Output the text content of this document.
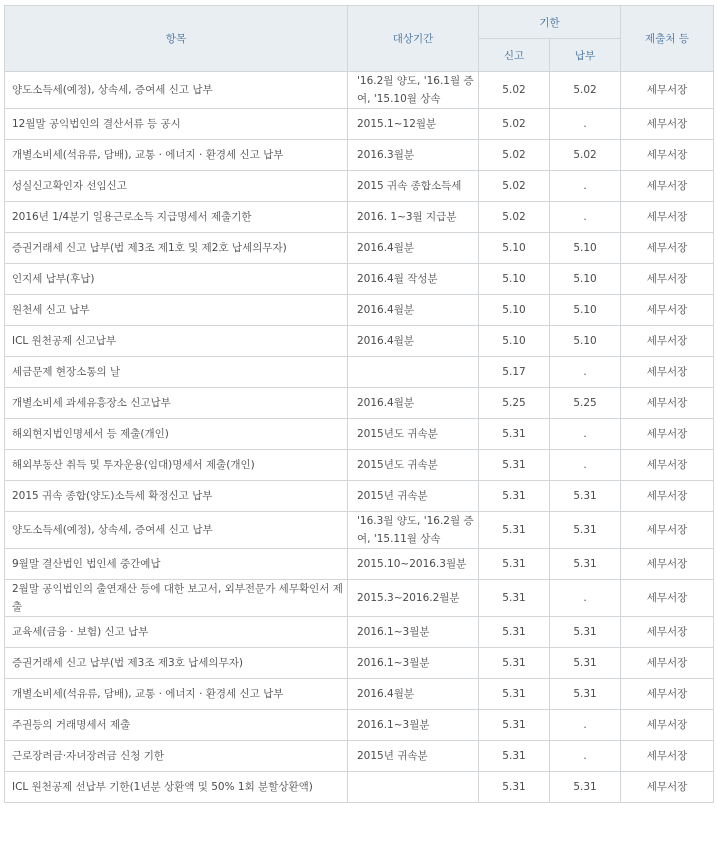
항목	대상기간	기한		제출처 등
		신고	납부	
양도소득세(예정), 상속세, 증여세 신고 납부	'16.2월 양도, '16.1월 증여, '15.10월 상속	5.02	5.02	세무서장
12월말 공익법인의 결산서류 등 공시	2015.1~12월분	5.02	.	세무서장
개별소비세(석유류, 담배), 교통 · 에너지 · 환경세 신고 납부	2016.3월분	5.02	5.02	세무서장
성실신고확인자 선임신고	2015 귀속 종합소득세	5.02	.	세무서장
2016년 1/4분기 일용근로소득 지급명세서 제출기한	2016. 1~3월 지급분	5.02	.	세무서장
증권거래세 신고 납부(법 제3조 제1호 및 제2호 납세의무자)	2016.4월분	5.10	5.10	세무서장
인지세 납부(후납)	2016.4월 작성분	5.10	5.10	세무서장
원천세 신고 납부	2016.4월분	5.10	5.10	세무서장
ICL 원천공제 신고납부	2016.4월분	5.10	5.10	세무서장
세금문제 현장소통의 날		5.17	.	세무서장
개별소비세 과세유흥장소 신고납부	2016.4월분	5.25	5.25	세무서장
해외현지법인명세서 등 제출(개인)	2015년도 귀속분	5.31	.	세무서장
해외부동산 취득 및 투자운용(임대)명세서 제출(개인)	2015년도 귀속분	5.31	.	세무서장
2015 귀속 종합(양도)소득세 확정신고 납부	2015년 귀속분	5.31	5.31	세무서장
양도소득세(예정), 상속세, 증여세 신고 납부	'16.3월 양도, '16.2월 증여, '15.11월 상속	5.31	5.31	세무서장
9월말 결산법인 법인세 중간예납	2015.10~2016.3월분	5.31	5.31	세무서장
2월말 공익법인의 출연재산 등에 대한 보고서, 외부전문가 세무확인서 제출	2015.3~2016.2월분	5.31	.	세무서장
교육세(금융 · 보험) 신고 납부	2016.1~3월분	5.31	5.31	세무서장
증권거래세 신고 납부(법 제3조 제3호 납세의무자)	2016.1~3월분	5.31	5.31	세무서장
개별소비세(석유류, 담배), 교통 · 에너지 · 환경세 신고 납부	2016.4월분	5.31	5.31	세무서장
주권등의 거래명세서 제출	2016.1~3월분	5.31	.	세무서장
근로장려금·자녀장려금 신청 기한	2015년 귀속분	5.31	.	세무서장
ICL 원천공제 선납부 기한(1년분 상환액 및 50% 1회 분할상환액)		5.31	5.31	세무서장
